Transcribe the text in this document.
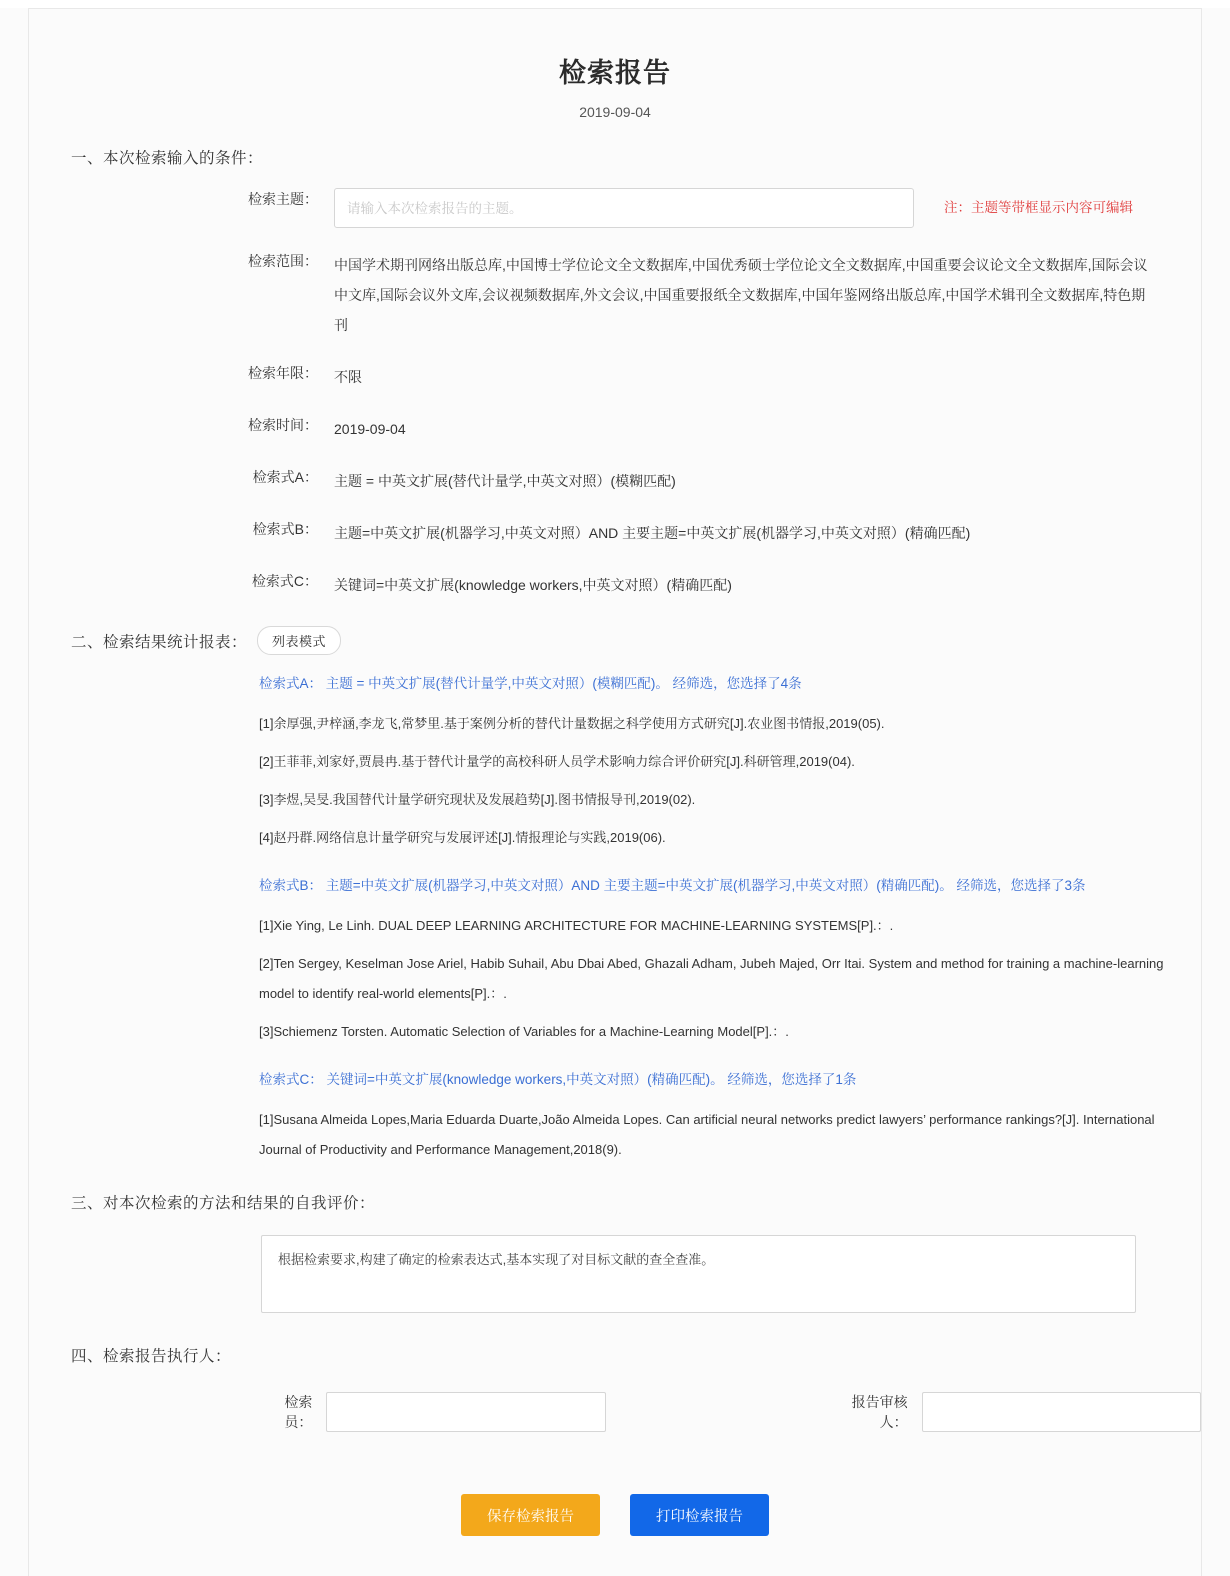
检索报告
2019-09-04
一、本次检索输入的条件：
检索主题：
请输入本次检索报告的主题。
注：主题等带框显示内容可编辑
检索范围：	中国学术期刊网络出版总库,中国博士学位论文全文数据库,中国优秀硕士学位论文全文数据库,中国重要会议论文全文数据库,国际会议中文库,国际会议外文库,会议视频数据库,外文会议,中国重要报纸全文数据库,中国年鉴网络出版总库,中国学术辑刊全文数据库,特色期刊
检索年限：	不限
检索时间：	2019-09-04
检索式A：	主题 = 中英文扩展(替代计量学,中英文对照）(模糊匹配)
检索式B：	主题=中英文扩展(机器学习,中英文对照）AND 主要主题=中英文扩展(机器学习,中英文对照）(精确匹配)
检索式C：	关键词=中英文扩展(knowledge workers,中英文对照）(精确匹配)
二、检索结果统计报表：	列表模式
检索式A： 主题 = 中英文扩展(替代计量学,中英文对照）(模糊匹配)。 经筛选，您选择了4条
[1]余厚强,尹梓涵,李龙飞,常梦里.基于案例分析的替代计量数据之科学使用方式研究[J].农业图书情报,2019(05).
[2]王菲菲,刘家妤,贾晨冉.基于替代计量学的高校科研人员学术影响力综合评价研究[J].科研管理,2019(04).
[3]李煜,吴旻.我国替代计量学研究现状及发展趋势[J].图书情报导刊,2019(02).
[4]赵丹群.网络信息计量学研究与发展评述[J].情报理论与实践,2019(06).
检索式B： 主题=中英文扩展(机器学习,中英文对照）AND 主要主题=中英文扩展(机器学习,中英文对照）(精确匹配)。 经筛选，您选择了3条
[1]Xie Ying, Le Linh. DUAL DEEP LEARNING ARCHITECTURE FOR MACHINE-LEARNING SYSTEMS[P].：.
[2]Ten Sergey, Keselman Jose Ariel, Habib Suhail, Abu Dbai Abed, Ghazali Adham, Jubeh Majed, Orr Itai. System and method for training a machine-learning model to identify real-world elements[P].：.
[3]Schiemenz Torsten. Automatic Selection of Variables for a Machine-Learning Model[P].：.
检索式C： 关键词=中英文扩展(knowledge workers,中英文对照）(精确匹配)。 经筛选，您选择了1条
[1]Susana Almeida Lopes,Maria Eduarda Duarte,João Almeida Lopes. Can artificial neural networks predict lawyers’ performance rankings?[J]. International Journal of Productivity and Performance Management,2018(9).
三、对本次检索的方法和结果的自我评价：
根据检索要求,构建了确定的检索表达式,基本实现了对目标文献的查全查准。
四、检索报告执行人：
检索员：
报告审核人：
保存检索报告	打印检索报告
